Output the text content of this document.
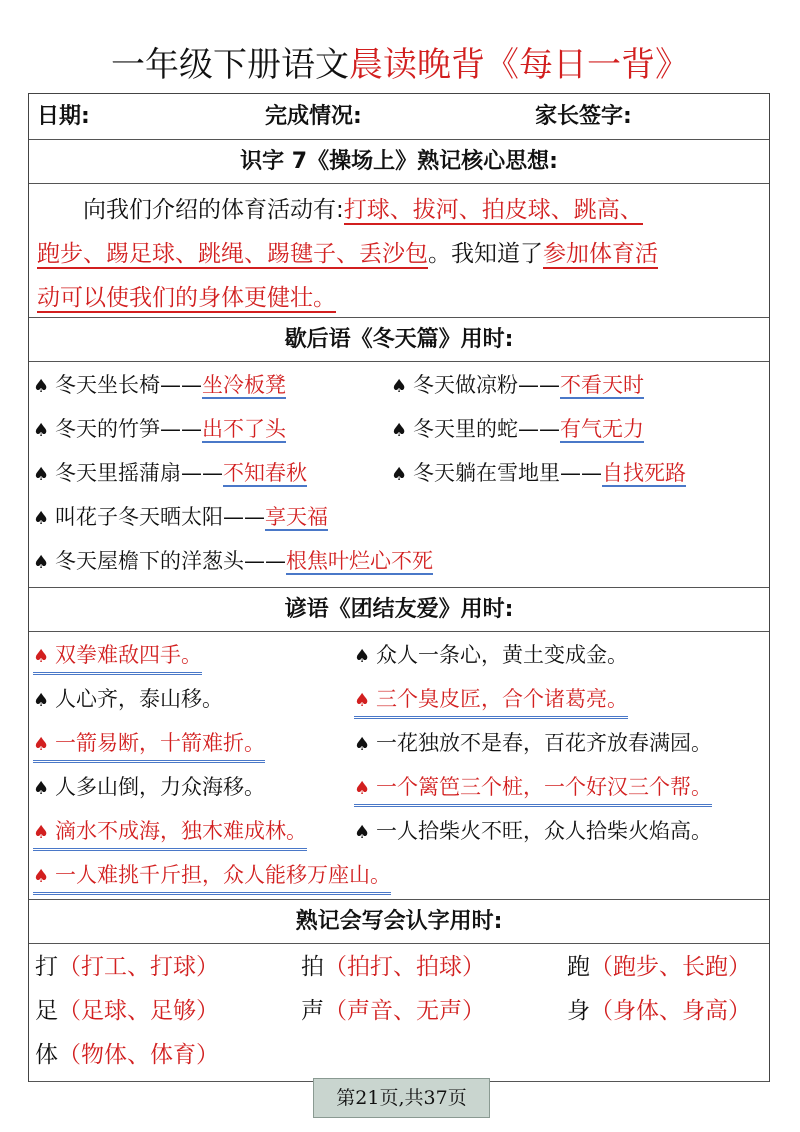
一年级下册语文晨读晚背《每日一背》
日期:	完成情况:	家长签字:
识字 7《操场上》熟记核心思想:
向我们介绍的体育活动有:打球、拔河、拍皮球、跳高、
跑步、踢足球、跳绳、踢毽子、丢沙包。我知道了参加体育活
动可以使我们的身体更健壮。
歇后语《冬天篇》用时:
♠ 冬天坐长椅——坐冷板凳	♠ 冬天做凉粉——不看天时
♠ 冬天的竹笋——出不了头	♠ 冬天里的蛇——有气无力
♠ 冬天里摇蒲扇——不知春秋	♠ 冬天躺在雪地里——自找死路
♠ 叫花子冬天晒太阳——享天福
♠ 冬天屋檐下的洋葱头——根焦叶烂心不死
谚语《团结友爱》用时:
♠ 双拳难敌四手。	♠ 众人一条心，黄土变成金。
♠ 人心齐，泰山移。	♠ 三个臭皮匠，合个诸葛亮。
♠ 一箭易断，十箭难折。	♠ 一花独放不是春，百花齐放春满园。
♠ 人多山倒，力众海移。	♠ 一个篱笆三个桩，一个好汉三个帮。
♠ 滴水不成海，独木难成林。	♠ 一人拾柴火不旺，众人拾柴火焰高。
♠ 一人难挑千斤担，众人能移万座山。
熟记会写会认字用时:
打（打工、打球）	拍（拍打、拍球）	跑（跑步、长跑）
足（足球、足够）	声（声音、无声）	身（身体、身高）
体（物体、体育）
第21页,共37页
